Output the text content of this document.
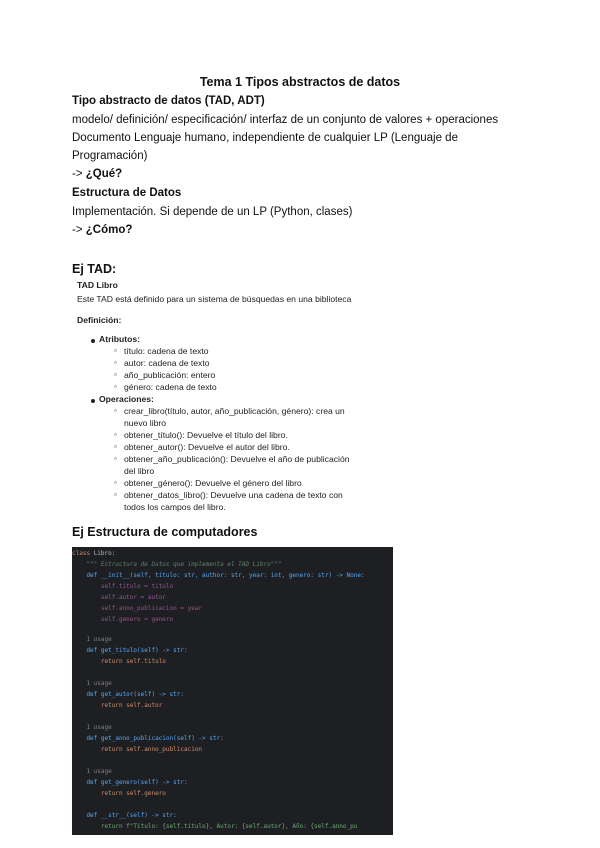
Tema 1 Tipos abstractos de datos
Tipo abstracto de datos (TAD, ADT)
modelo/ definición/ especificación/ interfaz de un conjunto de valores + operaciones
Documento Lenguaje humano, independiente de cualquier LP (Lenguaje de
Programación)
-> ¿Qué?
Estructura de Datos
Implementación. Si depende de un LP (Python, clases)
-> ¿Cómo?
Ej TAD:
TAD Libro
Este TAD está definido para un sistema de búsquedas en una biblioteca
Definición:
Atributos:
▫ título: cadena de texto
▫ autor: cadena de texto
▫ año_publicación: entero
▫ género: cadena de texto
Operaciones:
▫ crear_libro(título, autor, año_publicación, género): crea un
nuevo libro
▫ obtener_título(): Devuelve el título del libro.
▫ obtener_autor(): Devuelve el autor del libro.
▫ obtener_año_publicación(): Devuelve el año de publicación
del libro
▫ obtener_género(): Devuelve el género del libro
▫ obtener_datos_libro(): Devuelve una cadena de texto con
todos los campos del libro.
Ej Estructura de computadores
class Libro:
""" Estructura de Datos que implementa el TAD Libro"""
def __init__(self, titulo: str, author: str, year: int, genero: str) -> None:
self.titulo = titulo
self.autor = autor
self.anno_publicacion = year
self.genero = genero
1 usage
def get_titulo(self) -> str:
return self.titulo
1 usage
def get_autor(self) -> str:
return self.autor
1 usage
def get_anno_publicacion(self) -> str:
return self.anno_publicacion
1 usage
def get_genero(self) -> str:
return self.genero
def __str__(self) -> str:
return f"Titulo: {self.titulo}, Autor: {self.autor}, Año: {self.anno_pu
